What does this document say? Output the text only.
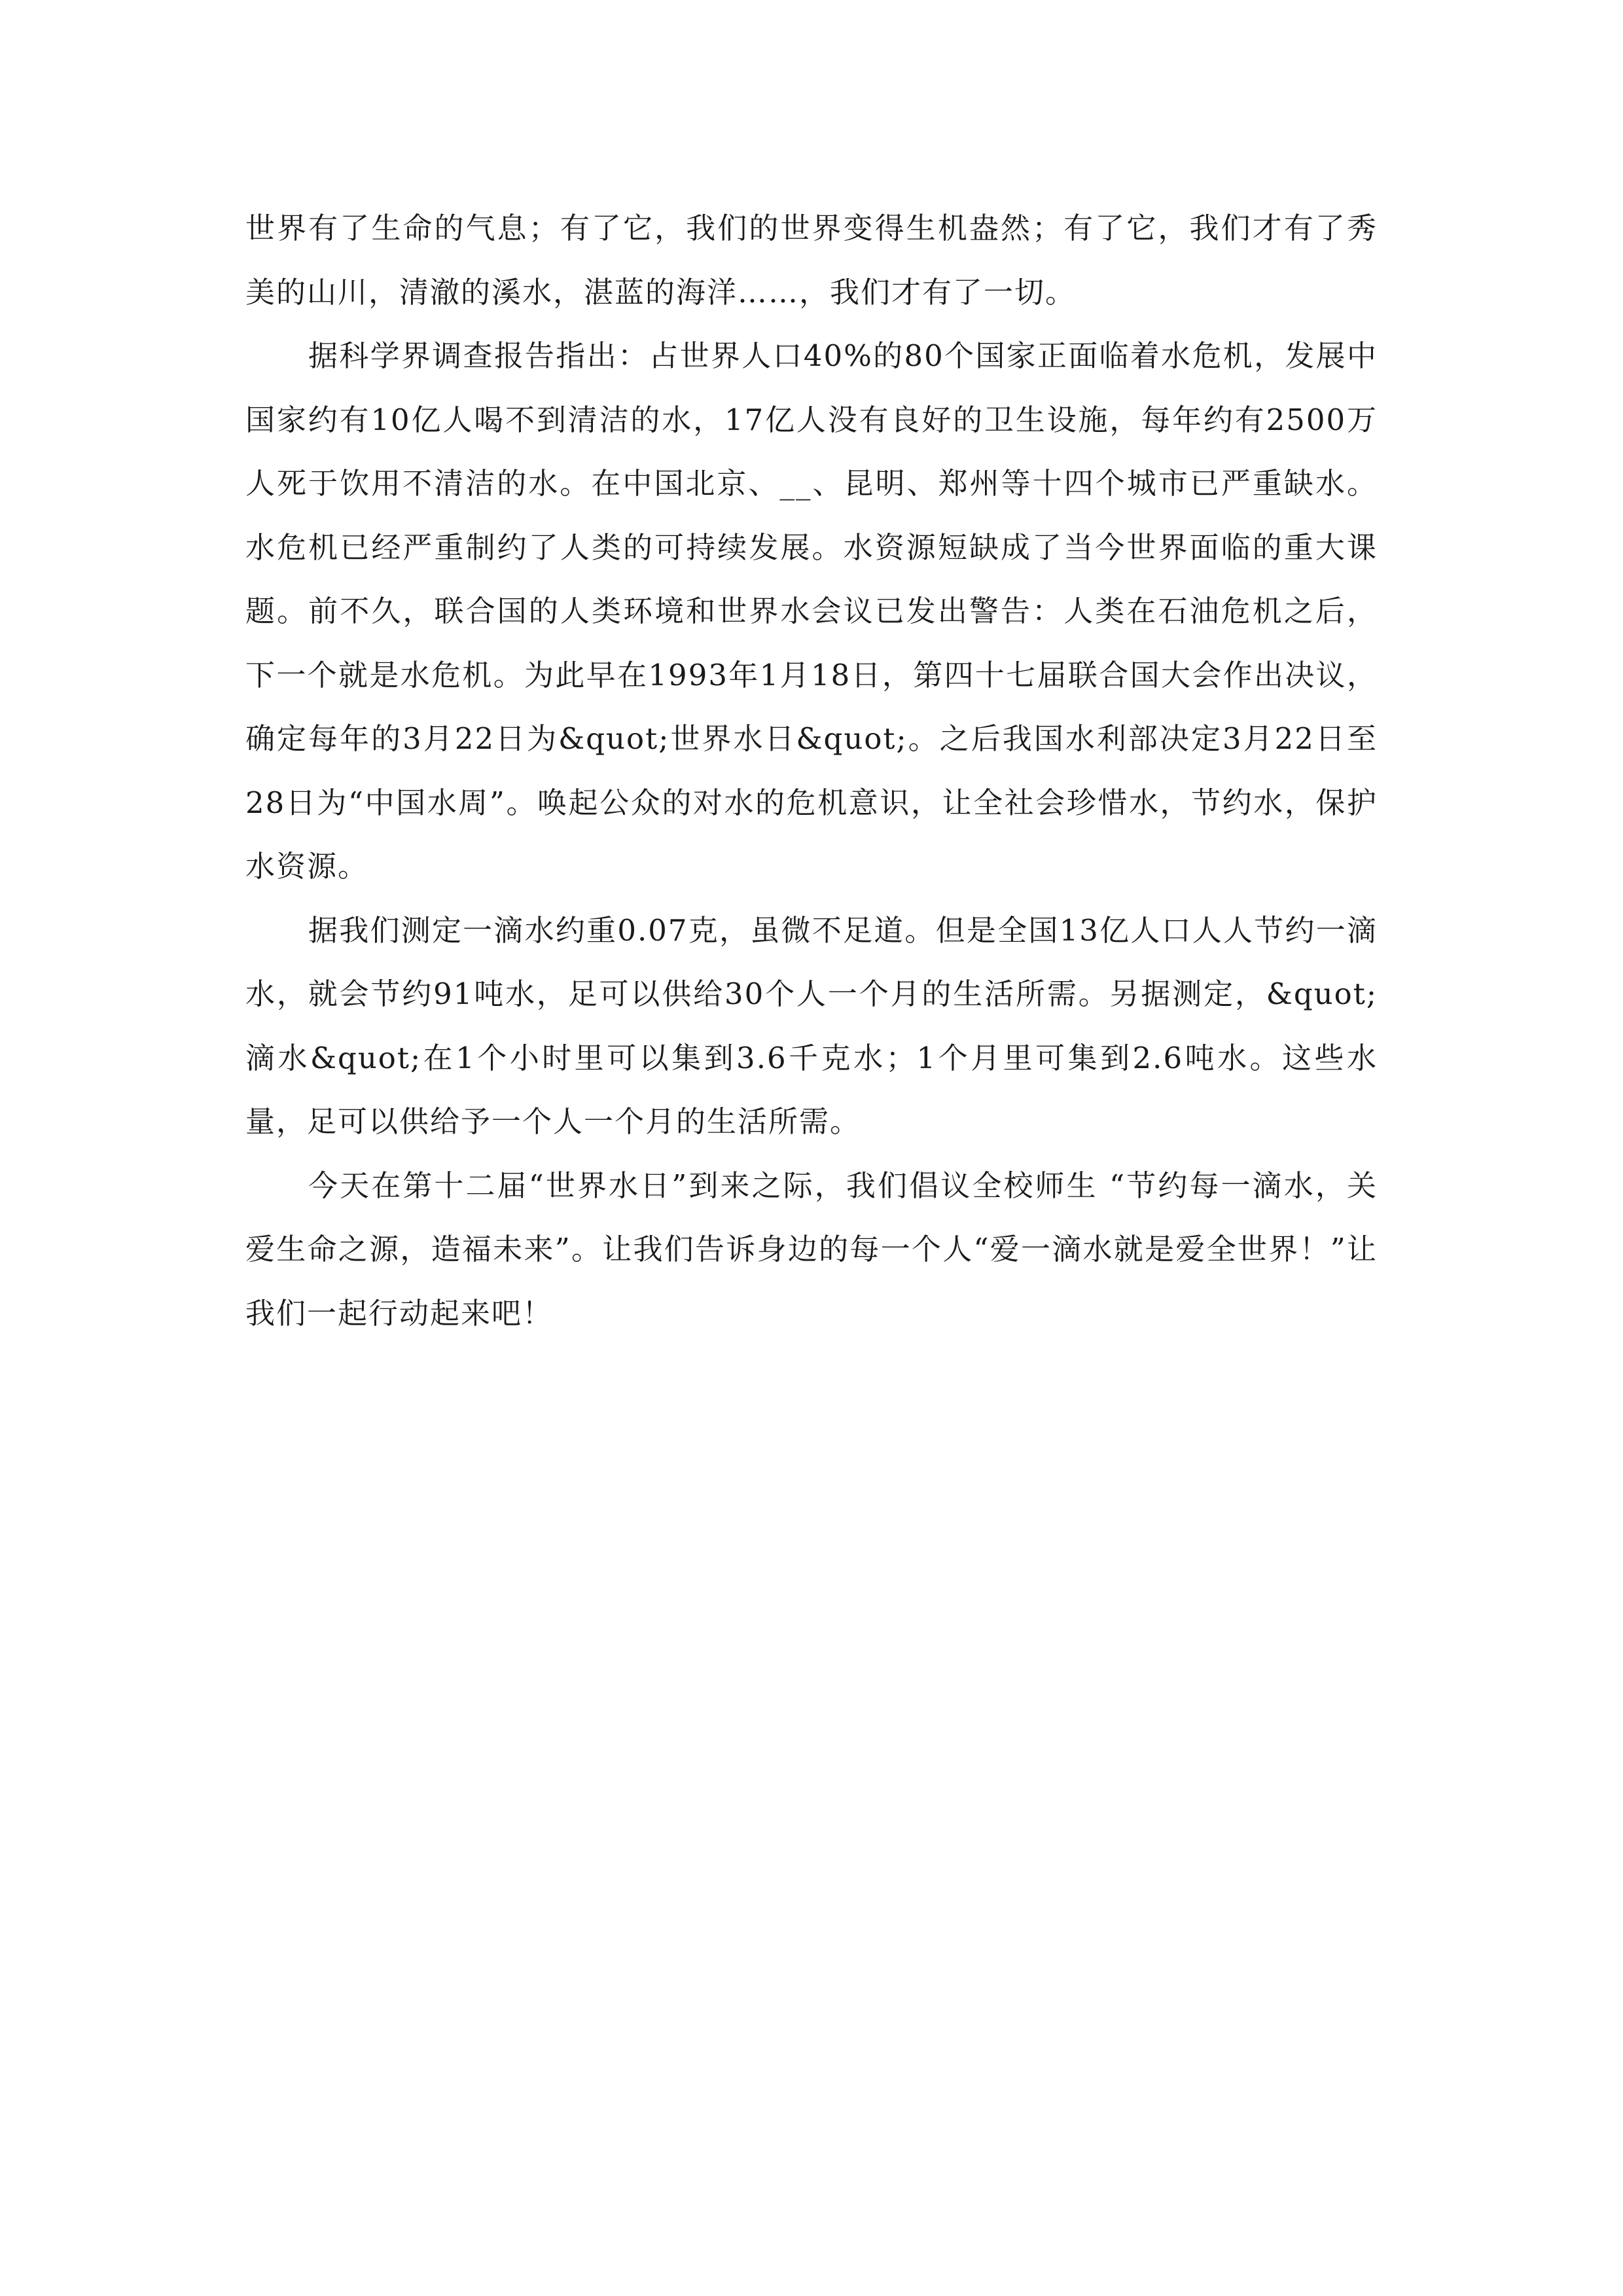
世界有了生命的气息；有了它，我们的世界变得生机盎然；有了它，我们才有了秀美的山川，清澈的溪水，湛蓝的海洋……，我们才有了一切。

据科学界调查报告指出：占世界人口40%的80个国家正面临着水危机，发展中国家约有10亿人喝不到清洁的水，17亿人没有良好的卫生设施，每年约有2500万人死于饮用不清洁的水。在中国北京、__、昆明、郑州等十四个城市已严重缺水。水危机已经严重制约了人类的可持续发展。水资源短缺成了当今世界面临的重大课题。前不久，联合国的人类环境和世界水会议已发出警告：人类在石油危机之后，下一个就是水危机。为此早在1993年1月18日，第四十七届联合国大会作出决议，确定每年的3月22日为&quot;世界水日&quot;。之后我国水利部决定3月22日至28日为“中国水周”。唤起公众的对水的危机意识，让全社会珍惜水，节约水，保护水资源。

据我们测定一滴水约重0.07克，虽微不足道。但是全国13亿人口人人节约一滴水，就会节约91吨水，足可以供给30个人一个月的生活所需。另据测定，&quot;滴水&quot;在1个小时里可以集到3.6千克水；1个月里可集到2.6吨水。这些水量，足可以供给予一个人一个月的生活所需。

今天在第十二届“世界水日”到来之际，我们倡议全校师生 “节约每一滴水，关爱生命之源，造福未来”。让我们告诉身边的每一个人“爱一滴水就是爱全世界！”让我们一起行动起来吧！
